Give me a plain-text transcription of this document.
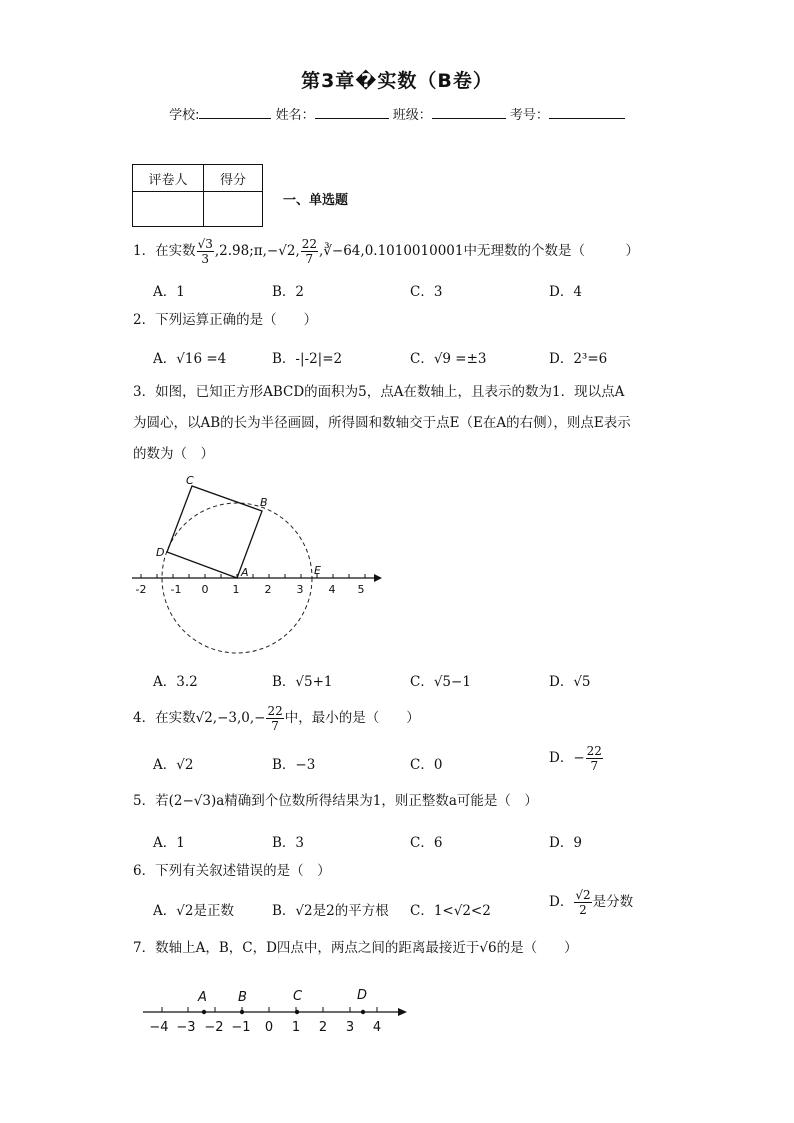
第3章�实数（B卷）
学校:	姓名：	班级：	考号：
评卷人	得分

一、单选题
1．在实数 $\frac{√3}{3}$ ,2.9̇8̇;π,−√2, $\frac{22}{7}$ ,∛−64,0.1010010001中无理数的个数是（　　　）
A．1	B．2	C．3	D．4
2．下列运算正确的是（　　）
A．√16 =4	B．-|-2|=2	C．√9 =±3	D．2³=6
3．如图，已知正方形ABCD的面积为5，点A在数轴上，且表示的数为1．现以点A
为圆心，以AB的长为半径画圆，所得圆和数轴交于点E（E在A的右侧），则点E表示
的数为（　）
-2 -1 0 1 2 3 4 5
A
B
C
D
E
A．3.2	B．√5+1	C．√5−1	D．√5
4．在实数$√2,-3,0,- \frac{22}{7}$ 中，最小的是（　　）
A．√2	B．−3	C．0	D．− $\frac{22}{7}$
5．若(2−√3)a精确到个位数所得结果为1，则正整数a可能是（　）
A．1	B．3	C．6	D．9
6．下列有关叙述错误的是（　）
A．√2是正数	B．√2是2的平方根 C．1<√2<2
D． $\frac{√2}{2}$ 是分数
7．数轴上A，B，C，D四点中，两点之间的距离最接近于√6的是（　　）
A B	C	D
−4 −3 −2 −1 0 1 2 3 4
